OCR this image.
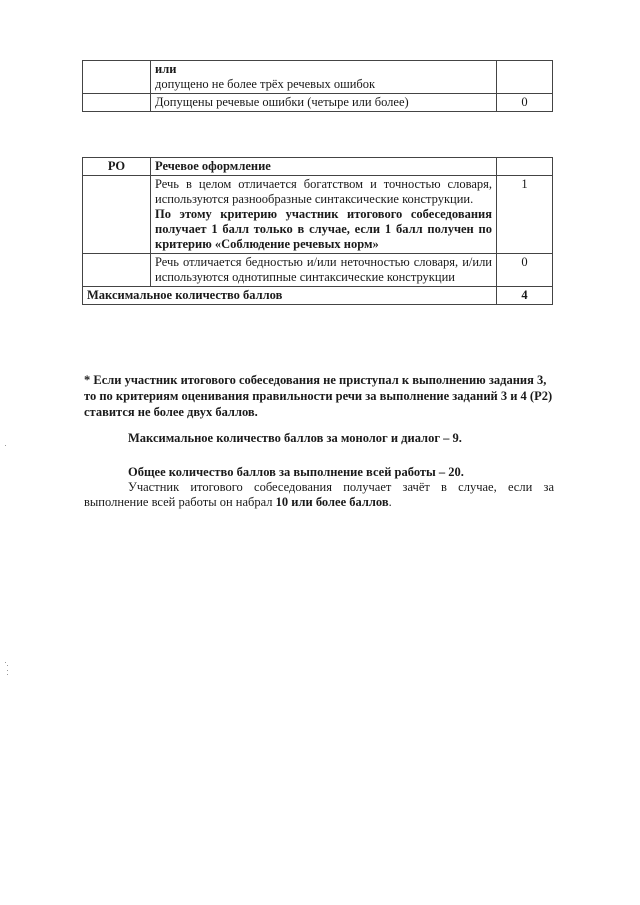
	или
допущено не более трёх речевых ошибок	

	Допущены речевые ошибки (четыре или более)	0
РО	Речевое оформление	

	Речь в целом отличается богатством и точностью словаря, используются разнообразные синтаксические конструкции.
По этому критерию участник итогового собеседования получает 1 балл только в случае, если 1 балл получен по критерию «Соблюдение речевых норм»	1
	Речь отличается бедностью и/или неточностью словаря, и/или используются однотипные синтаксические конструкции	0
Максимальное количество баллов		4
* Если участник итогового собеседования не приступал к выполнению задания 3, то по критериям оценивания правильности речи за выполнение заданий 3 и 4 (Р2) ставится не более двух баллов.
Максимальное количество баллов за монолог и диалог – 9.
Общее количество баллов за выполнение всей работы – 20.
Участник итогового собеседования получает зачёт в случае, если за выполнение всей работы он набрал 10 или более баллов.
